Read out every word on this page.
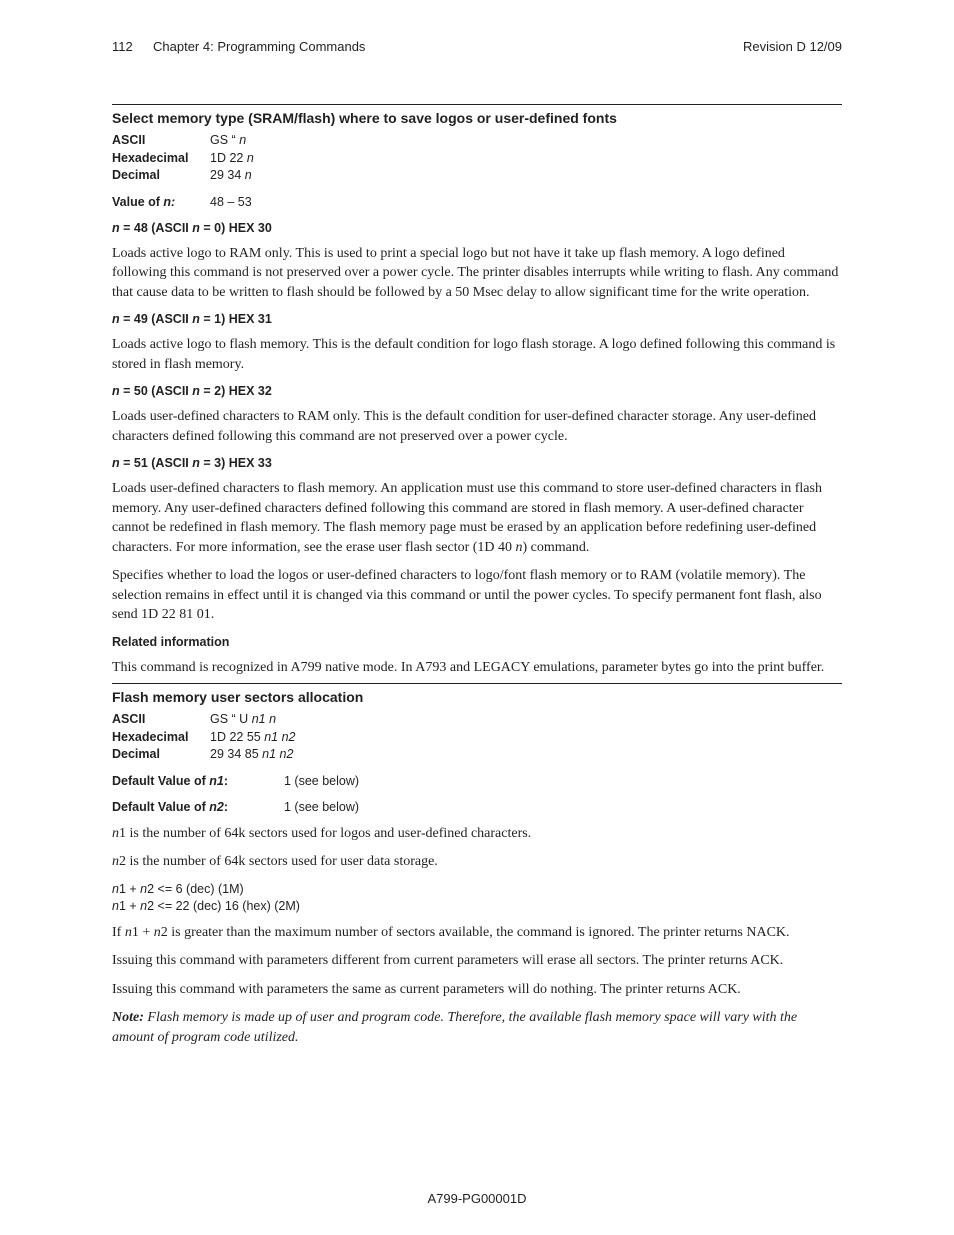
112 Chapter 4: Programming Commands	Revision D 12/09
Select memory type (SRAM/flash) where to save logos or user-defined fonts
ASCII	GS “ n
Hexadecimal	1D 22 n
Decimal	29 34 n
Value of n:	48 – 53
n = 48 (ASCII n = 0) HEX 30

Loads active logo to RAM only. This is used to print a special logo but not have it take up flash memory. A logo defined following this command is not preserved over a power cycle. The printer disables interrupts while writing to flash. Any command that cause data to be written to flash should be followed by a 50 Msec delay to allow significant time for the write operation.

n = 49 (ASCII n = 1) HEX 31

Loads active logo to flash memory. This is the default condition for logo flash storage. A logo defined following this command is stored in flash memory.

n = 50 (ASCII n = 2) HEX 32

Loads user-defined characters to RAM only. This is the default condition for user-defined character storage. Any user-defined characters defined following this command are not preserved over a power cycle.

n = 51 (ASCII n = 3) HEX 33

Loads user-defined characters to flash memory. An application must use this command to store user-defined characters in flash memory. Any user-defined characters defined following this command are stored in flash memory. A user-defined character cannot be redefined in flash memory. The flash memory page must be erased by an application before redefining user-defined characters. For more information, see the erase user flash sector (1D 40 n) command.

Specifies whether to load the logos or user-defined characters to logo/font flash memory or to RAM (volatile memory). The selection remains in effect until it is changed via this command or until the power cycles. To specify permanent font flash, also send 1D 22 81 01.

Related information

This command is recognized in A799 native mode. In A793 and LEGACY emulations, parameter bytes go into the print buffer.

Flash memory user sectors allocation
ASCII	GS “ U n1 n
Hexadecimal	1D 22 55 n1 n2
Decimal	29 34 85 n1 n2
Default Value of n1:	1 (see below)
Default Value of n2:	1 (see below)

n1 is the number of 64k sectors used for logos and user-defined characters.

n2 is the number of 64k sectors used for user data storage.

n1 + n2 <= 6 (dec) (1M)
n1 + n2 <= 22 (dec) 16 (hex) (2M)

If n1 + n2 is greater than the maximum number of sectors available, the command is ignored. The printer returns NACK.

Issuing this command with parameters different from current parameters will erase all sectors. The printer returns ACK.

Issuing this command with parameters the same as current parameters will do nothing. The printer returns ACK.

Note: Flash memory is made up of user and program code. Therefore, the available flash memory space will vary with the amount of program code utilized.

A799-PG00001D
